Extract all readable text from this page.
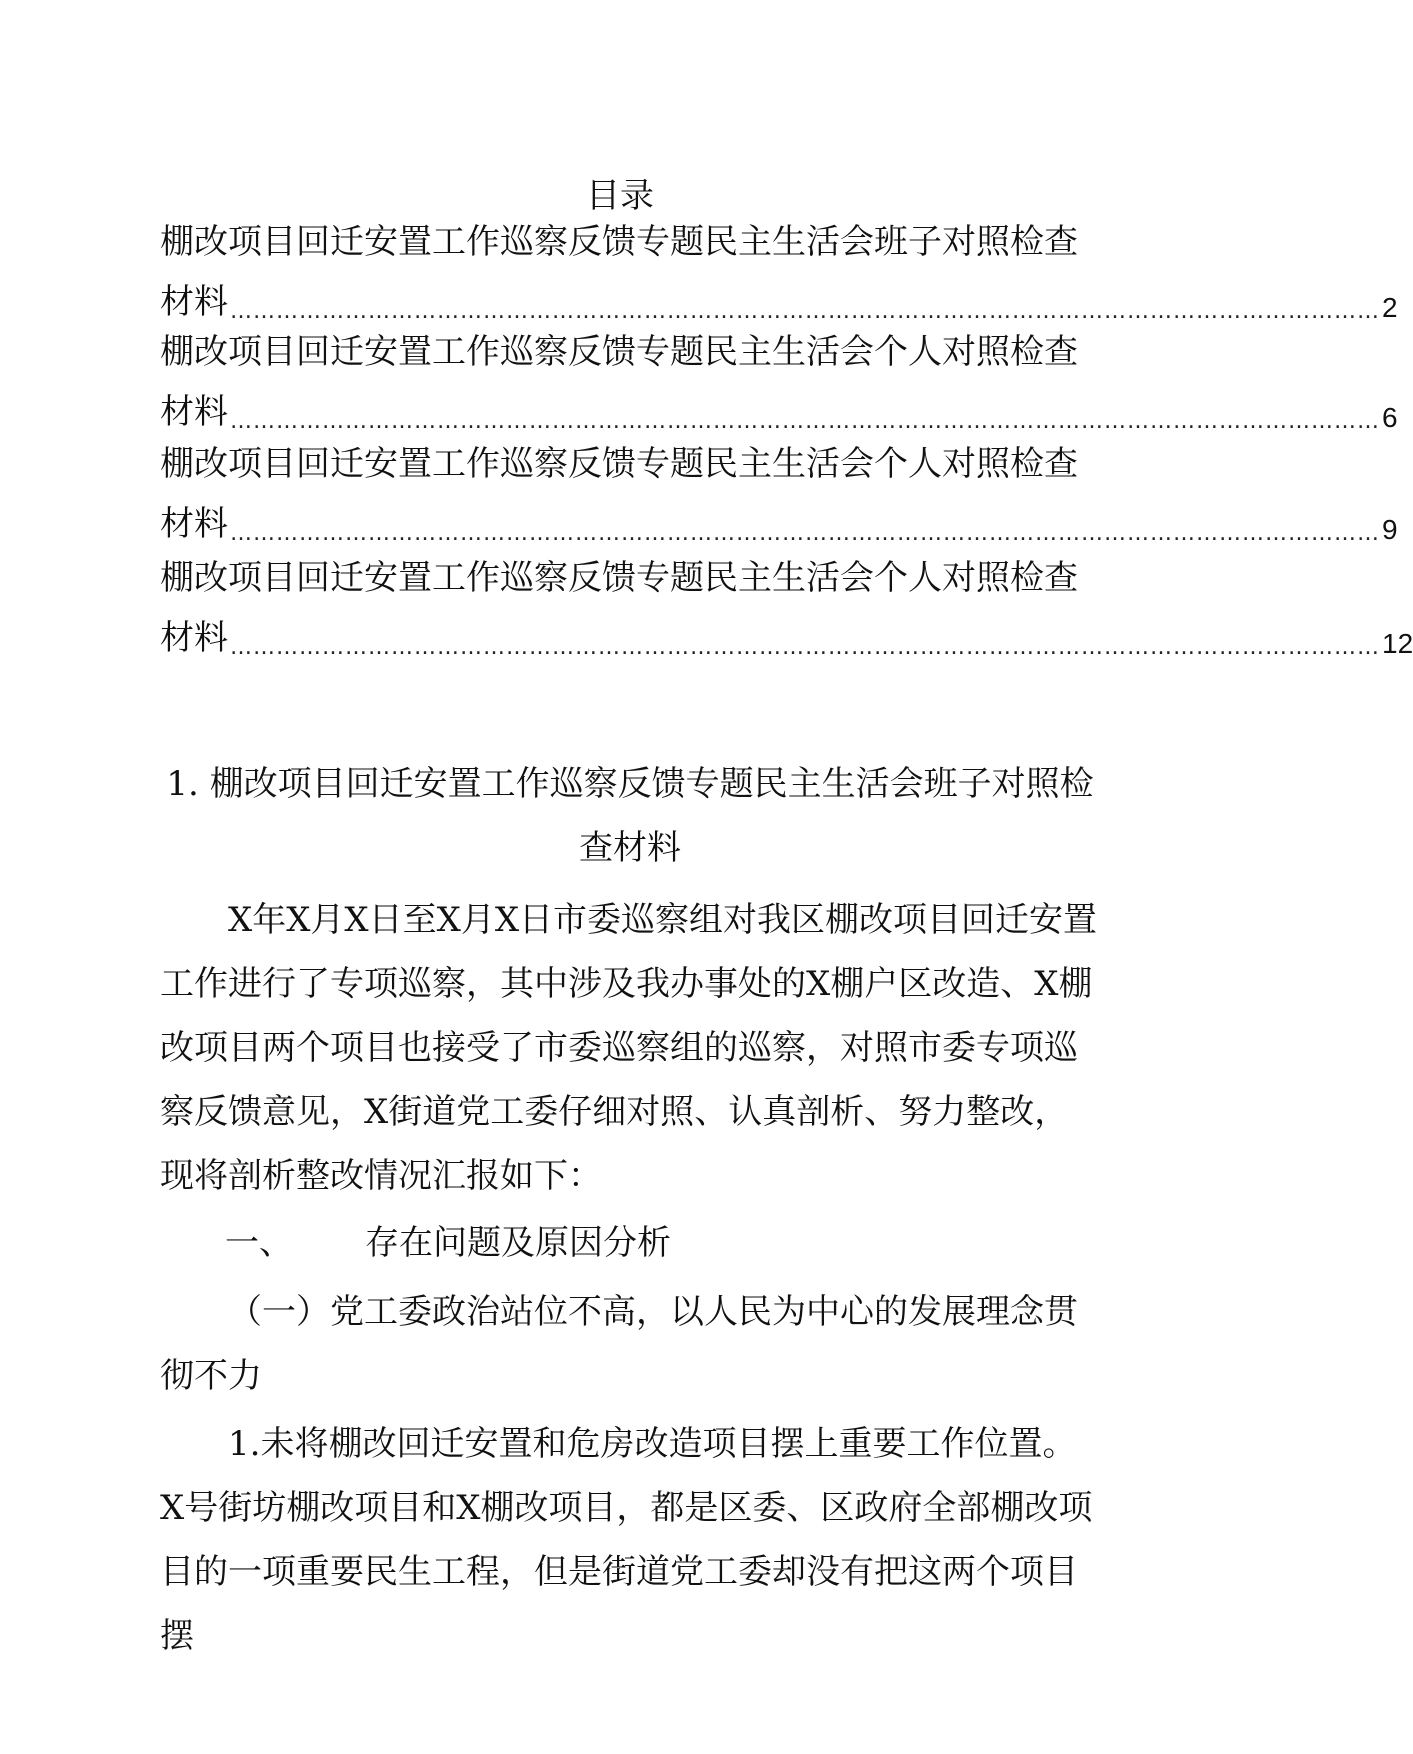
目录
棚改项目回迁安置工作巡察反馈专题民主生活会班子对照检查
材料 …………………………………………………………………………………………………………………………………… 2
棚改项目回迁安置工作巡察反馈专题民主生活会个人对照检查
材料 …………………………………………………………………………………………………………………………………… 6
棚改项目回迁安置工作巡察反馈专题民主生活会个人对照检查
材料 …………………………………………………………………………………………………………………………………… 9
棚改项目回迁安置工作巡察反馈专题民主生活会个人对照检查
材料 …………………………………………………………………………………………………………………………………… 12
1. 棚改项目回迁安置工作巡察反馈专题民主生活会班子对照检
查材料
X年X月X日至X月X日市委巡察组对我区棚改项目回迁安置工作进行了专项巡察，其中涉及我办事处的X棚户区改造、X棚改项目两个项目也接受了市委巡察组的巡察，对照市委专项巡察反馈意见，X街道党工委仔细对照、认真剖析、努力整改，现将剖析整改情况汇报如下：
一、 存在问题及原因分析
（一）党工委政治站位不高，以人民为中心的发展理念贯彻不力
1.未将棚改回迁安置和危房改造项目摆上重要工作位置。X号街坊棚改项目和X棚改项目，都是区委、区政府全部棚改项目的一项重要民生工程，但是街道党工委却没有把这两个项目摆
